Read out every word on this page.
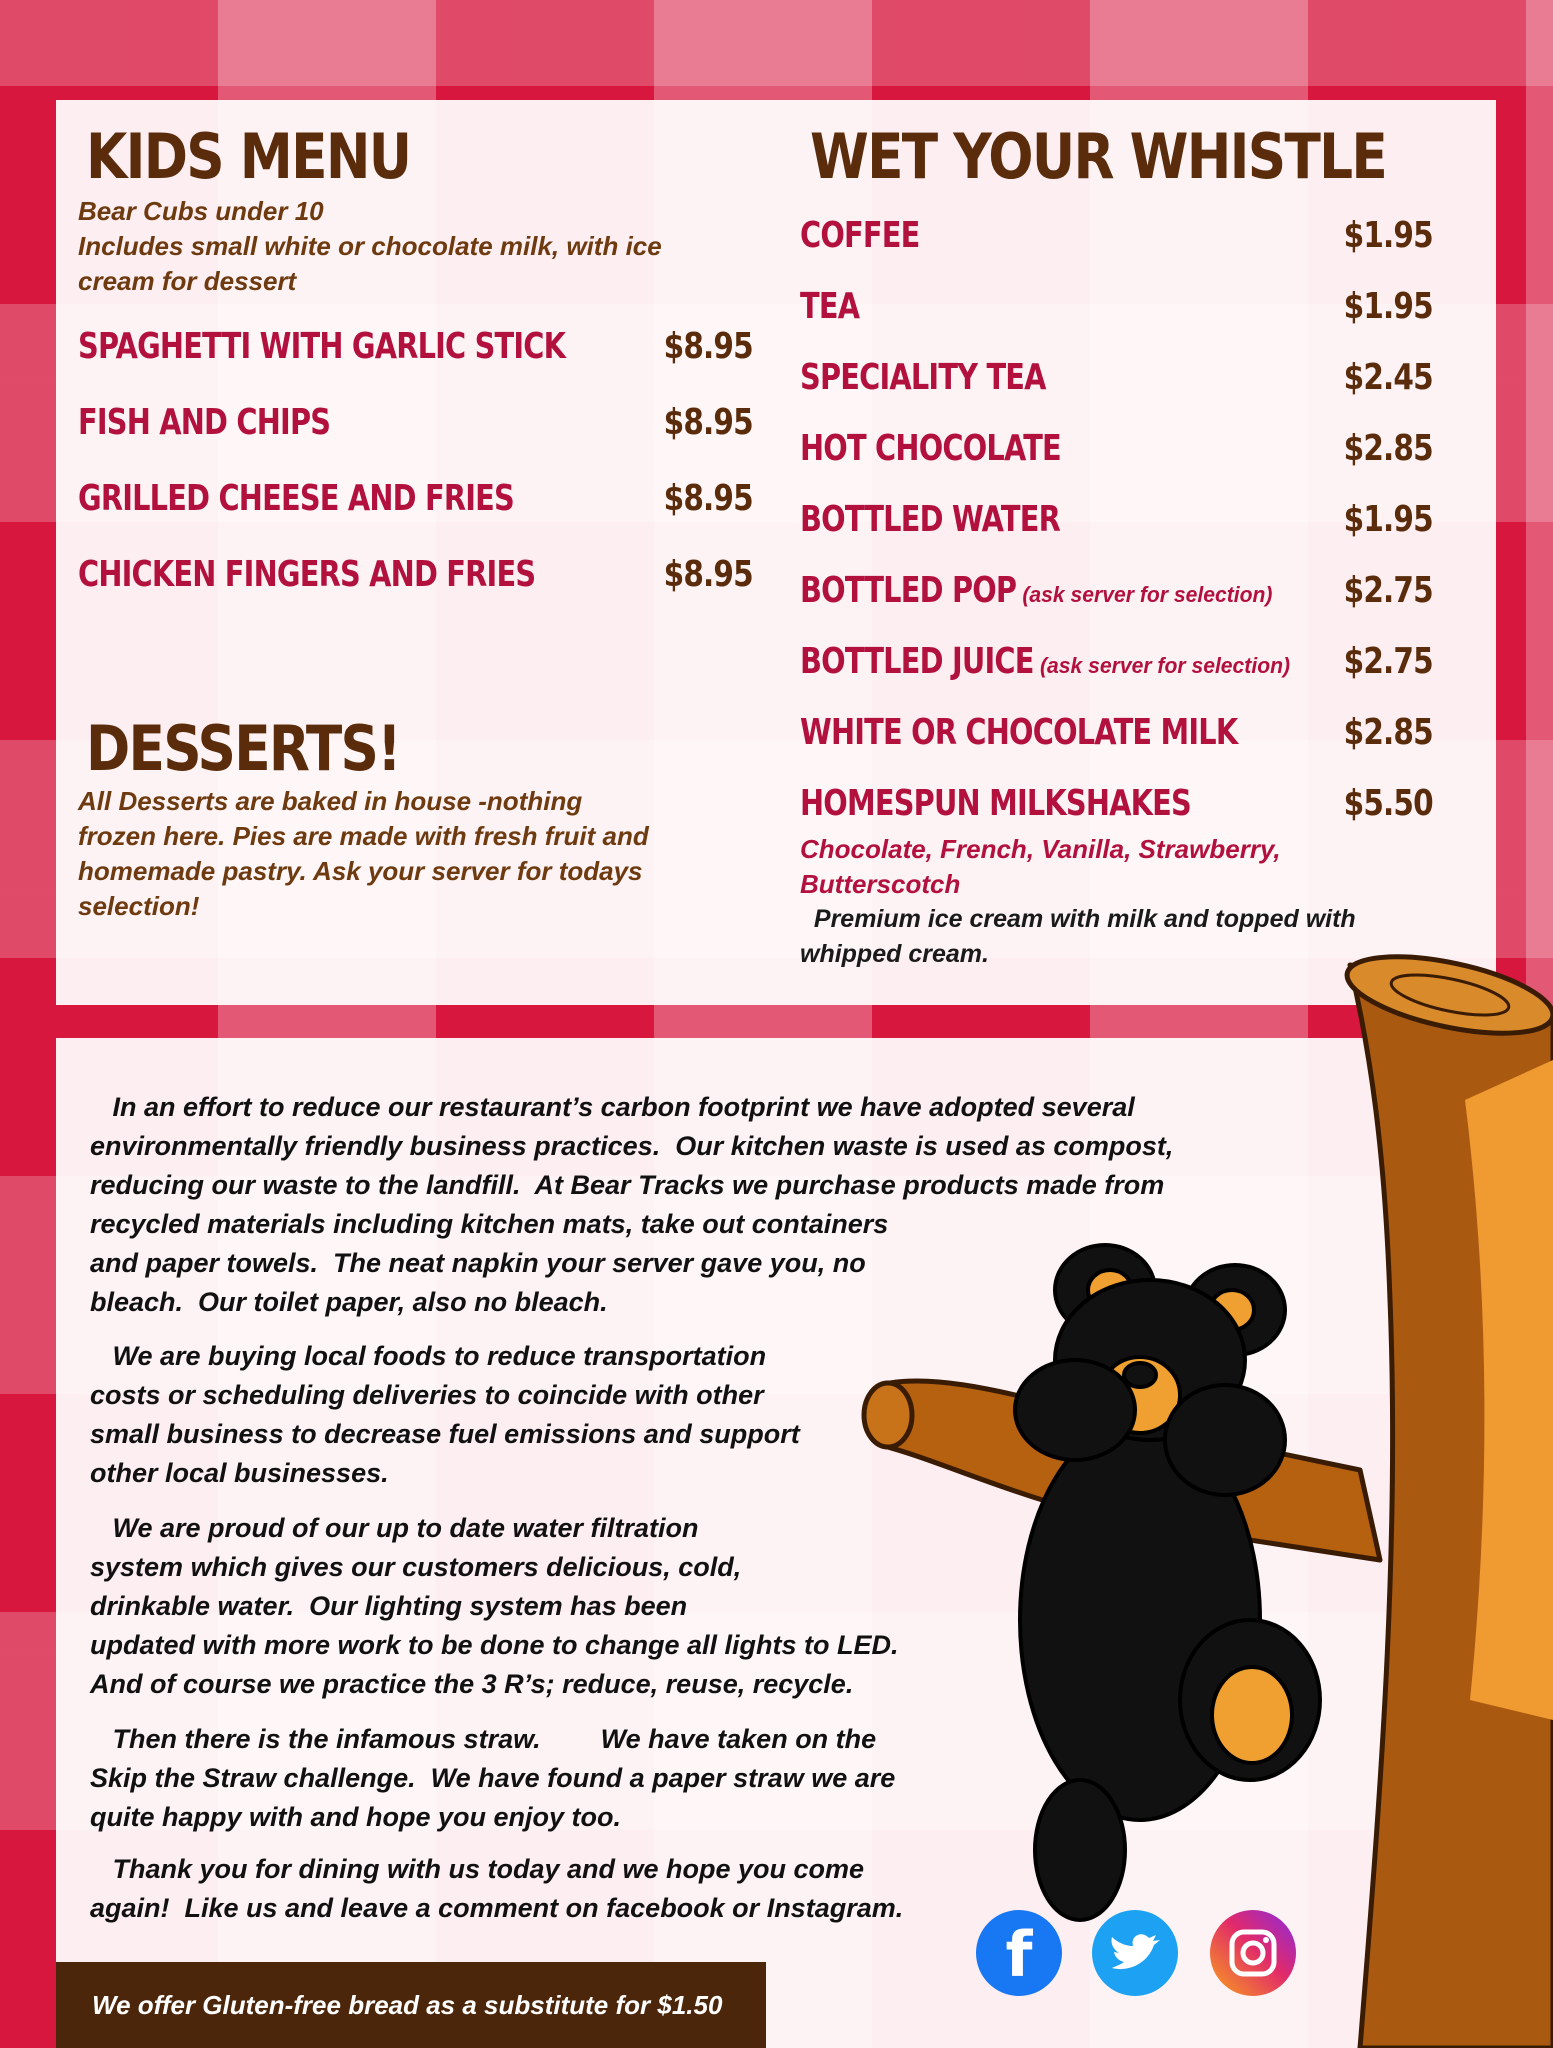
KIDS MENU

Bear Cubs under 10

Includes small white or chocolate milk, with ice

cream for dessert

SPAGHETTI WITH GARLIC STICK	$8.95
FISH AND CHIPS	$8.95
GRILLED CHEESE AND FRIES	$8.95
CHICKEN FINGERS AND FRIES	$8.95
DESSERTS!

All Desserts are baked in house -nothing

frozen here. Pies are made with fresh fruit and

homemade pastry. Ask your server for todays

selection!

WET YOUR WHISTLE
COFFEE	$1.95
TEA	$1.95
SPECIALITY TEA	$2.45
HOT CHOCOLATE	$2.85
BOTTLED WATER	$1.95
BOTTLED POP (ask server for selection) $2.75
BOTTLED JUICE (ask server for selection) $2.75
WHITE OR CHOCOLATE MILK	$2.85
HOMESPUN MILKSHAKES	$5.50

Chocolate, French, Vanilla, Strawberry,
Butterscotch

Premium ice cream with milk and topped with
whipped cream.

In an effort to reduce our restaurant’s carbon footprint we have adopted several
environmentally friendly business practices.  Our kitchen waste is used as compost,
reducing our waste to the landfill.  At Bear Tracks we purchase products made from
recycled materials including kitchen mats, take out containers
and paper towels.  The neat napkin your server gave you, no
bleach.  Our toilet paper, also no bleach.

We are buying local foods to reduce transportation
costs or scheduling deliveries to coincide with other
small business to decrease fuel emissions and support
other local businesses.

We are proud of our up to date water filtration
system which gives our customers delicious, cold,
drinkable water.  Our lighting system has been
updated with more work to be done to change all lights to LED.
And of course we practice the 3 R’s; reduce, reuse, recycle.

Then there is the infamous straw.        We have taken on the
Skip the Straw challenge.  We have found a paper straw we are
quite happy with and hope you enjoy too.

Thank you for dining with us today and we hope you come
again!  Like us and leave a comment on facebook or Instagram.

We offer Gluten-free bread as a substitute for $1.50
f
